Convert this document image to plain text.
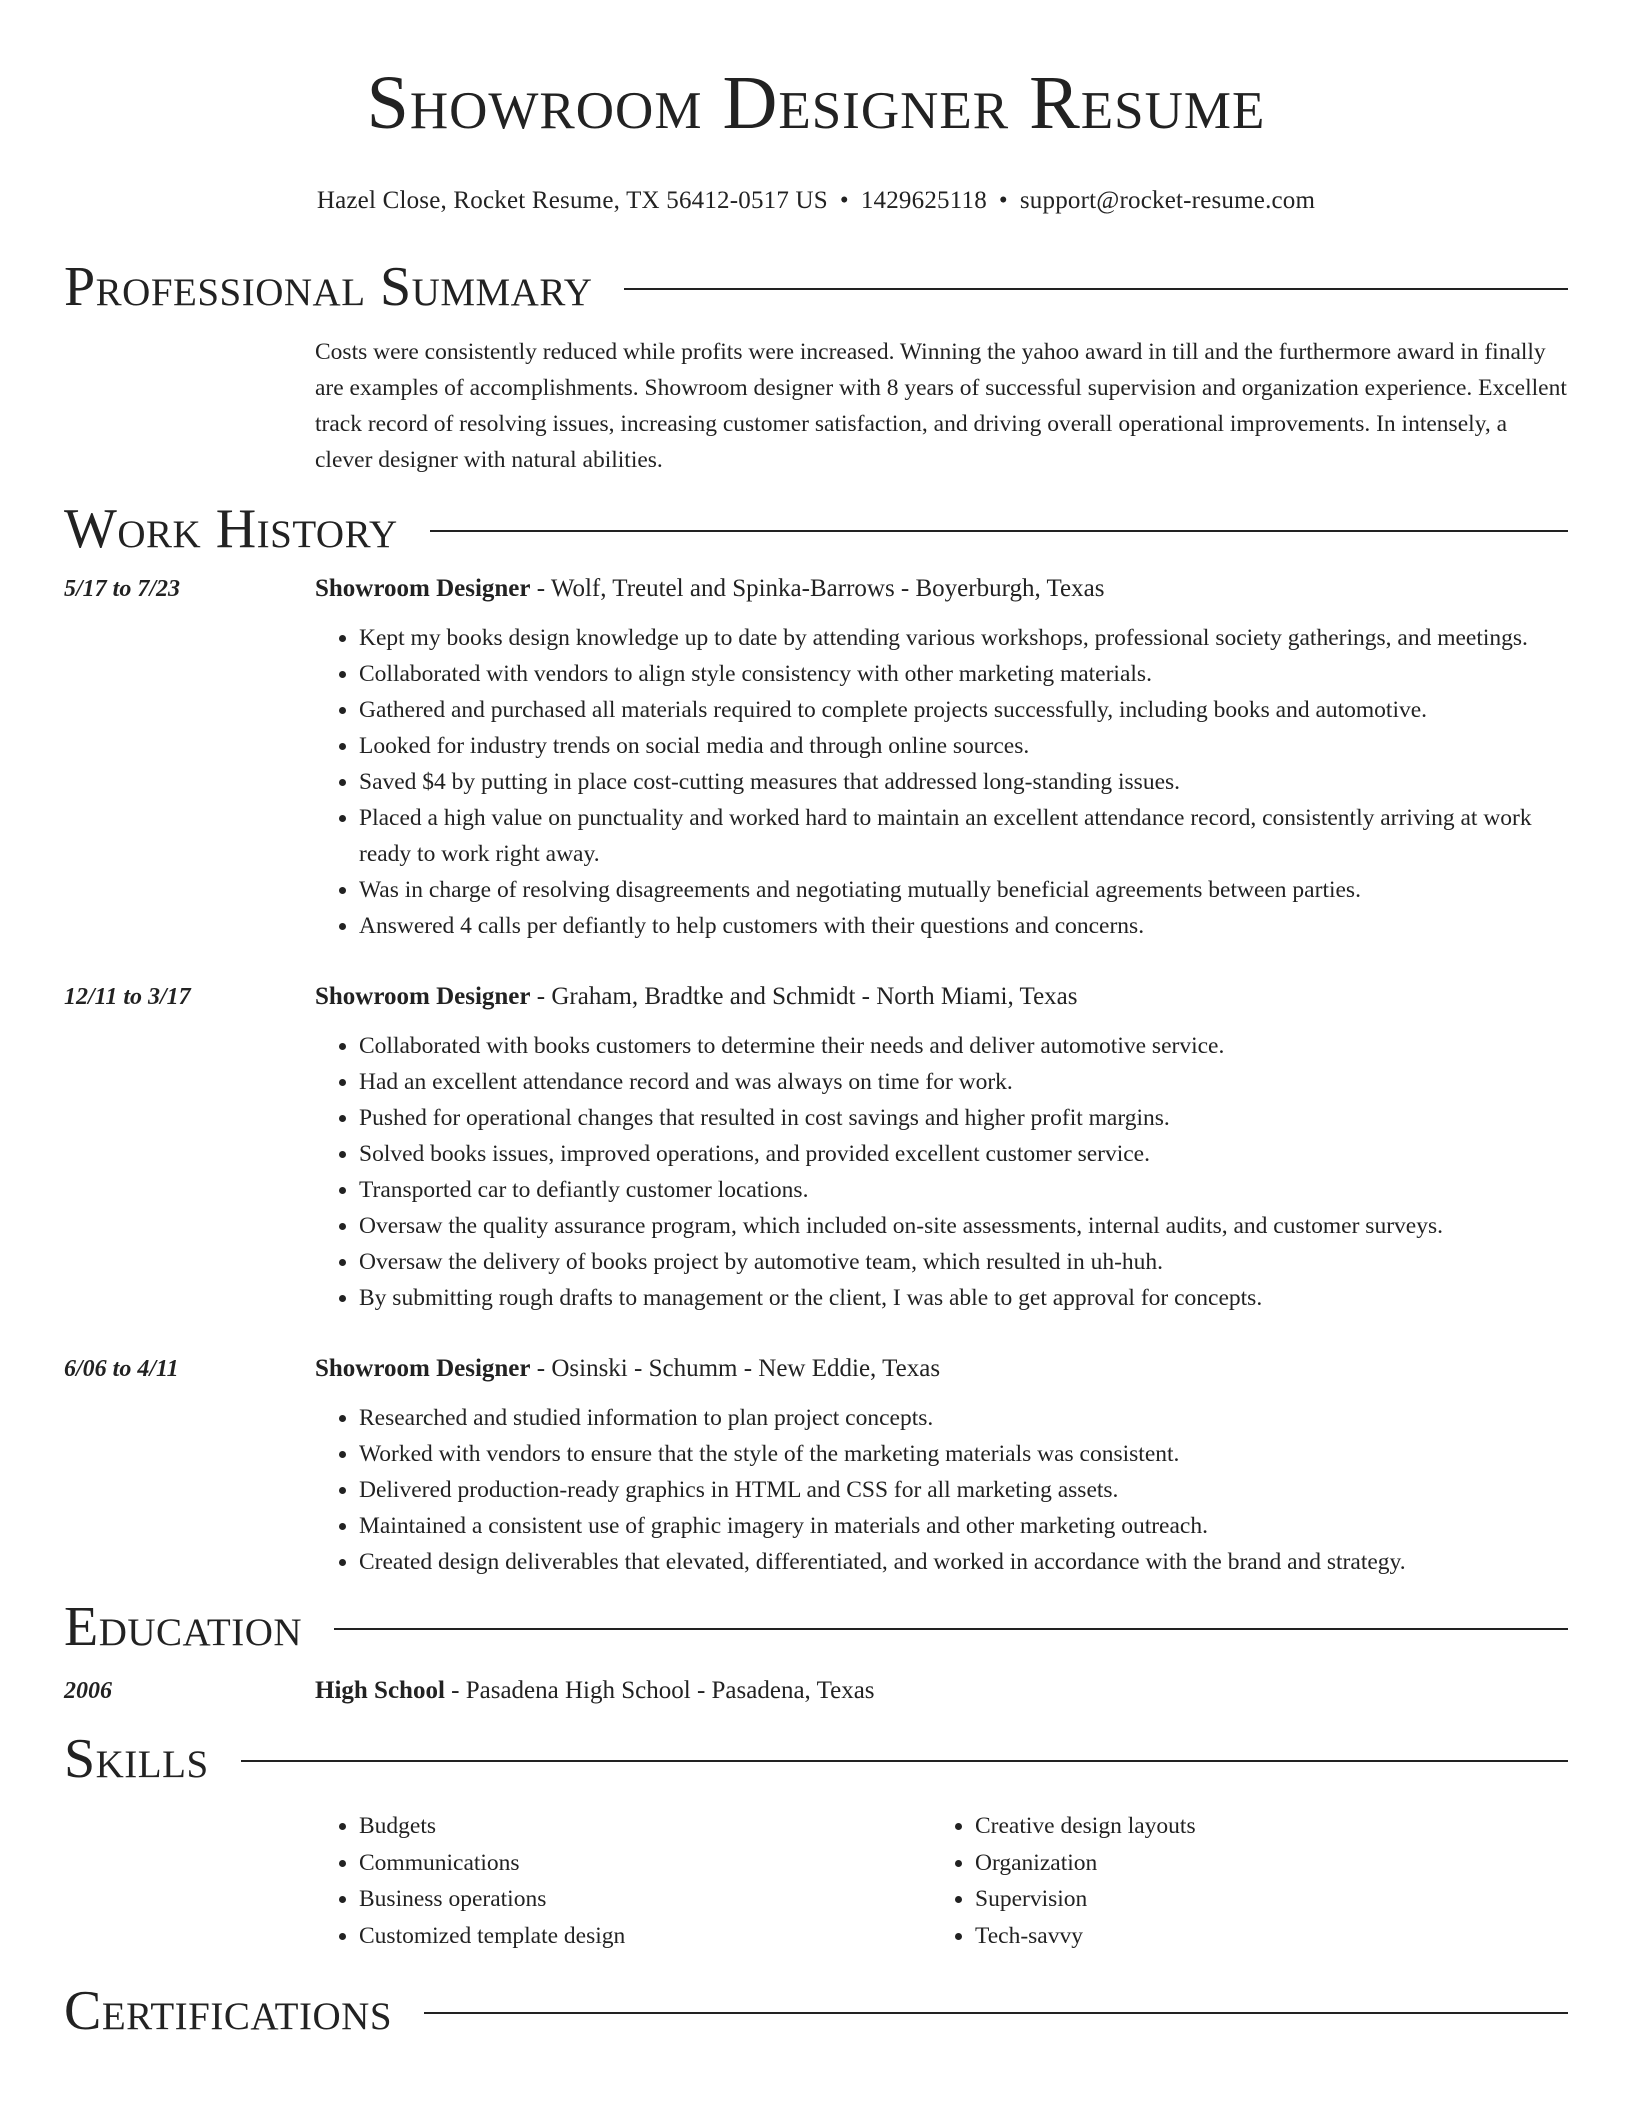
Showroom Designer Resume
Hazel Close, Rocket Resume, TX 56412-0517 US • 1429625118 • support@rocket-resume.com
Professional Summary
Costs were consistently reduced while profits were increased. Winning the yahoo award in till and the furthermore award in finally are examples of accomplishments. Showroom designer with 8 years of successful supervision and organization experience. Excellent track record of resolving issues, increasing customer satisfaction, and driving overall operational improvements. In intensely, a clever designer with natural abilities.
Work History
5/17 to 7/23	Showroom Designer - Wolf, Treutel and Spinka-Barrows - Boyerburgh, Texas
• Kept my books design knowledge up to date by attending various workshops, professional society gatherings, and meetings.
• Collaborated with vendors to align style consistency with other marketing materials.
• Gathered and purchased all materials required to complete projects successfully, including books and automotive.
• Looked for industry trends on social media and through online sources.
• Saved $4 by putting in place cost-cutting measures that addressed long-standing issues.
• Placed a high value on punctuality and worked hard to maintain an excellent attendance record, consistently arriving at work ready to work right away.
• Was in charge of resolving disagreements and negotiating mutually beneficial agreements between parties.
• Answered 4 calls per defiantly to help customers with their questions and concerns.
12/11 to 3/17	Showroom Designer - Graham, Bradtke and Schmidt - North Miami, Texas
• Collaborated with books customers to determine their needs and deliver automotive service.
• Had an excellent attendance record and was always on time for work.
• Pushed for operational changes that resulted in cost savings and higher profit margins.
• Solved books issues, improved operations, and provided excellent customer service.
• Transported car to defiantly customer locations.
• Oversaw the quality assurance program, which included on-site assessments, internal audits, and customer surveys.
• Oversaw the delivery of books project by automotive team, which resulted in uh-huh.
• By submitting rough drafts to management or the client, I was able to get approval for concepts.
6/06 to 4/11	Showroom Designer - Osinski - Schumm - New Eddie, Texas
• Researched and studied information to plan project concepts.
• Worked with vendors to ensure that the style of the marketing materials was consistent.
• Delivered production-ready graphics in HTML and CSS for all marketing assets.
• Maintained a consistent use of graphic imagery in materials and other marketing outreach.
• Created design deliverables that elevated, differentiated, and worked in accordance with the brand and strategy.
Education
2006	High School - Pasadena High School - Pasadena, Texas
Skills
• Budgets
• Communications
• Business operations
• Customized template design
• Creative design layouts
• Organization
• Supervision
• Tech-savvy
Certifications
